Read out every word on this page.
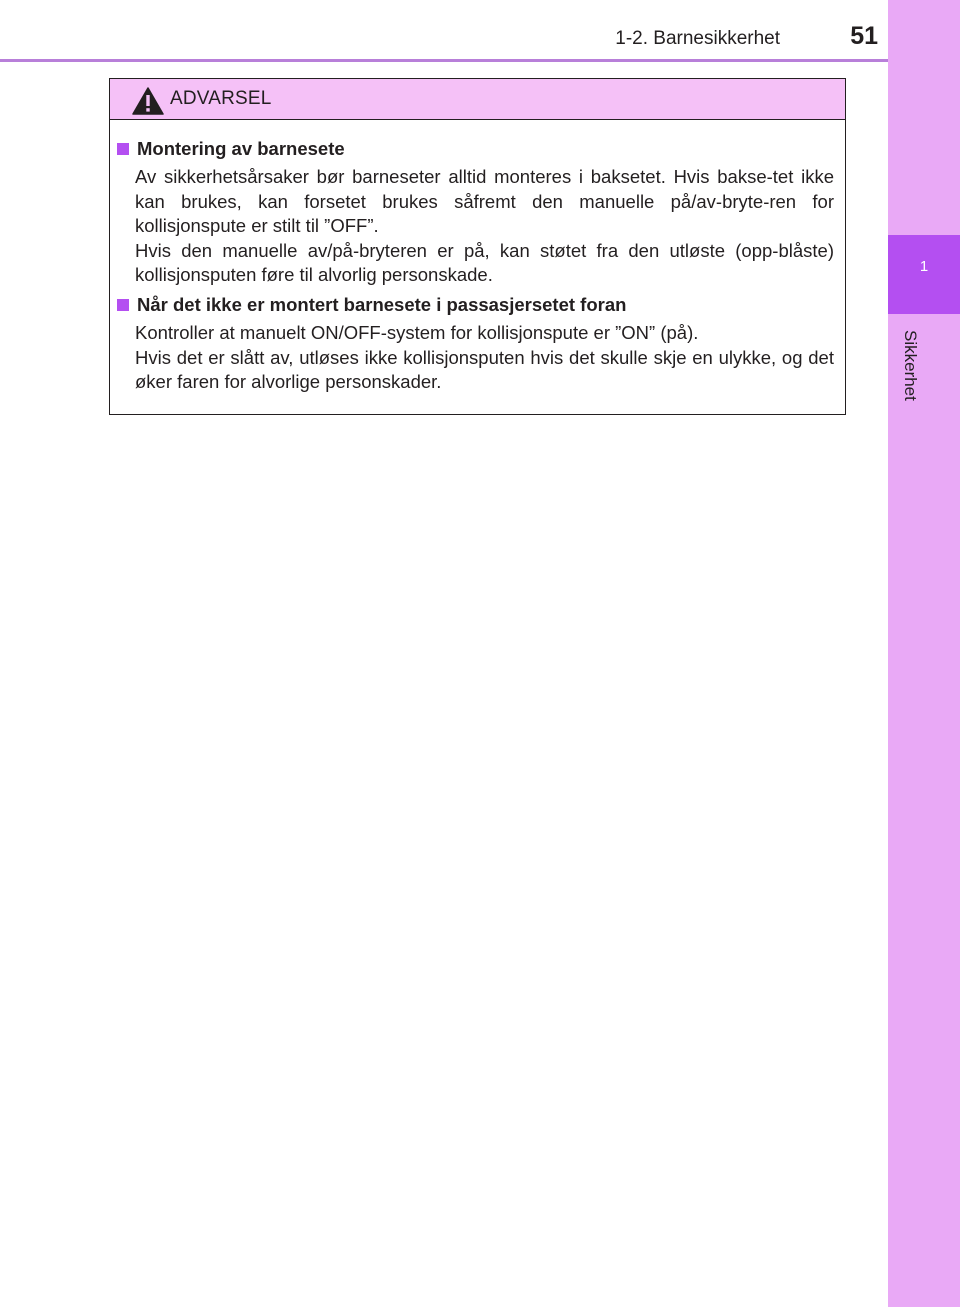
1-2. Barnesikkerhet	51
1
Sikkerhet
ADVARSEL
Montering av barnesete

Av sikkerhetsårsaker bør barneseter alltid monteres i baksetet. Hvis bakse-tet ikke kan brukes, kan forsetet brukes såfremt den manuelle på/av-bryte-ren for kollisjonspute er stilt til ”OFF”.

Hvis den manuelle av/på-bryteren er på, kan støtet fra den utløste (opp-blåste) kollisjonsputen føre til alvorlig personskade.

Når det ikke er montert barnesete i passasjersetet foran

Kontroller at manuelt ON/OFF-system for kollisjonspute er ”ON” (på).

Hvis det er slått av, utløses ikke kollisjonsputen hvis det skulle skje en ulykke, og det øker faren for alvorlige personskader.
